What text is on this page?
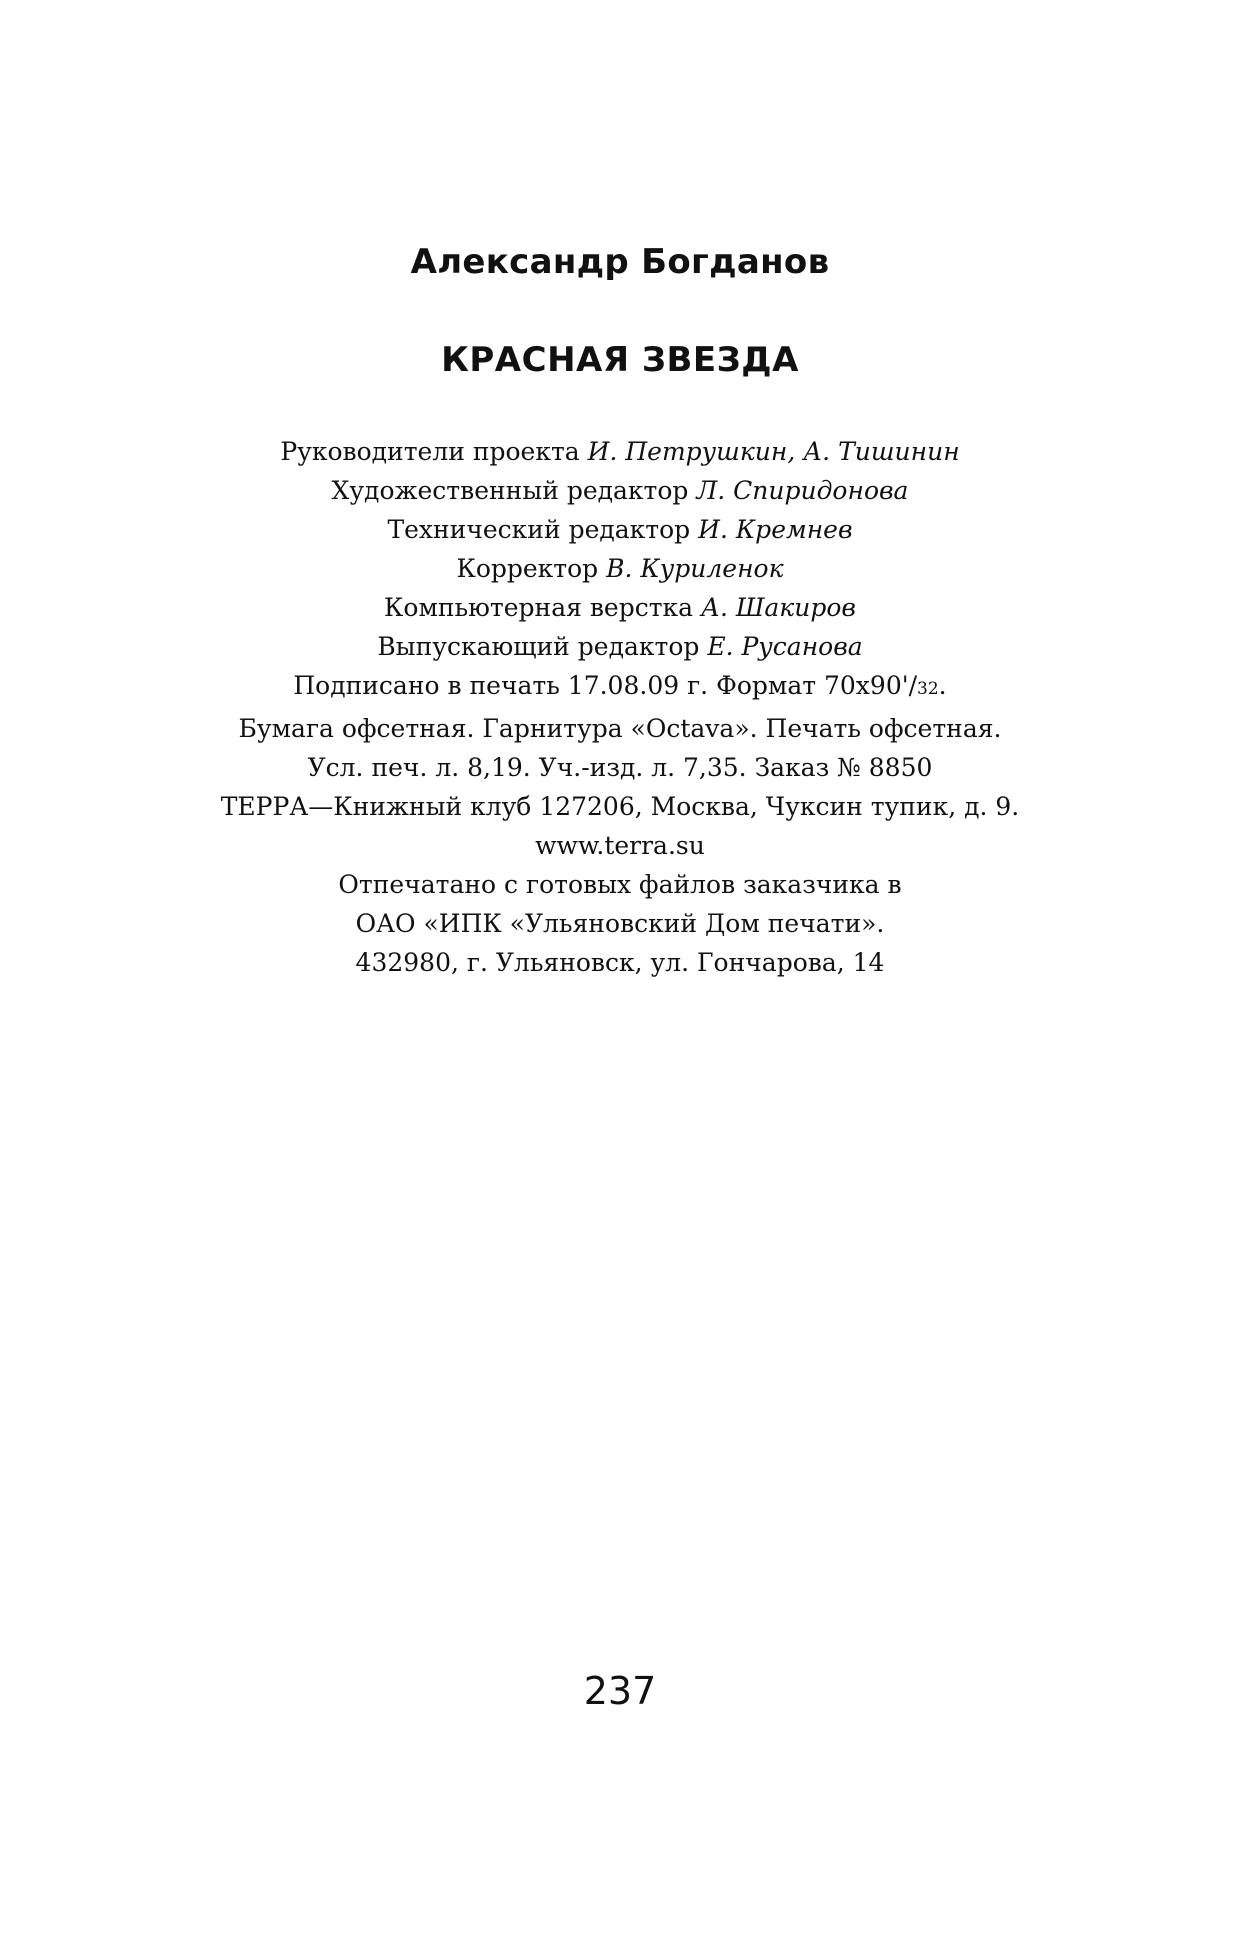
Александр Богданов
КРАСНАЯ ЗВЕЗДА
Руководители проекта И. Петрушкин, А. Тишинин
Художественный редактор Л. Спиридонова
Технический редактор И. Кремнев
Корректор В. Куриленок
Компьютерная верстка А. Шакиров
Выпускающий редактор Е. Русанова
Подписано в печать 17.08.09 г. Формат 70x90'/32.
Бумага офсетная. Гарнитура «Octava». Печать офсетная.
Усл. печ. л. 8,19. Уч.-изд. л. 7,35. Заказ № 8850
ТЕРРА—Книжный клуб 127206, Москва, Чуксин тупик, д. 9.
www.terra.su
Отпечатано с готовых файлов заказчика в
ОАО «ИПК «Ульяновский Дом печати».
432980, г. Ульяновск, ул. Гончарова, 14
237
